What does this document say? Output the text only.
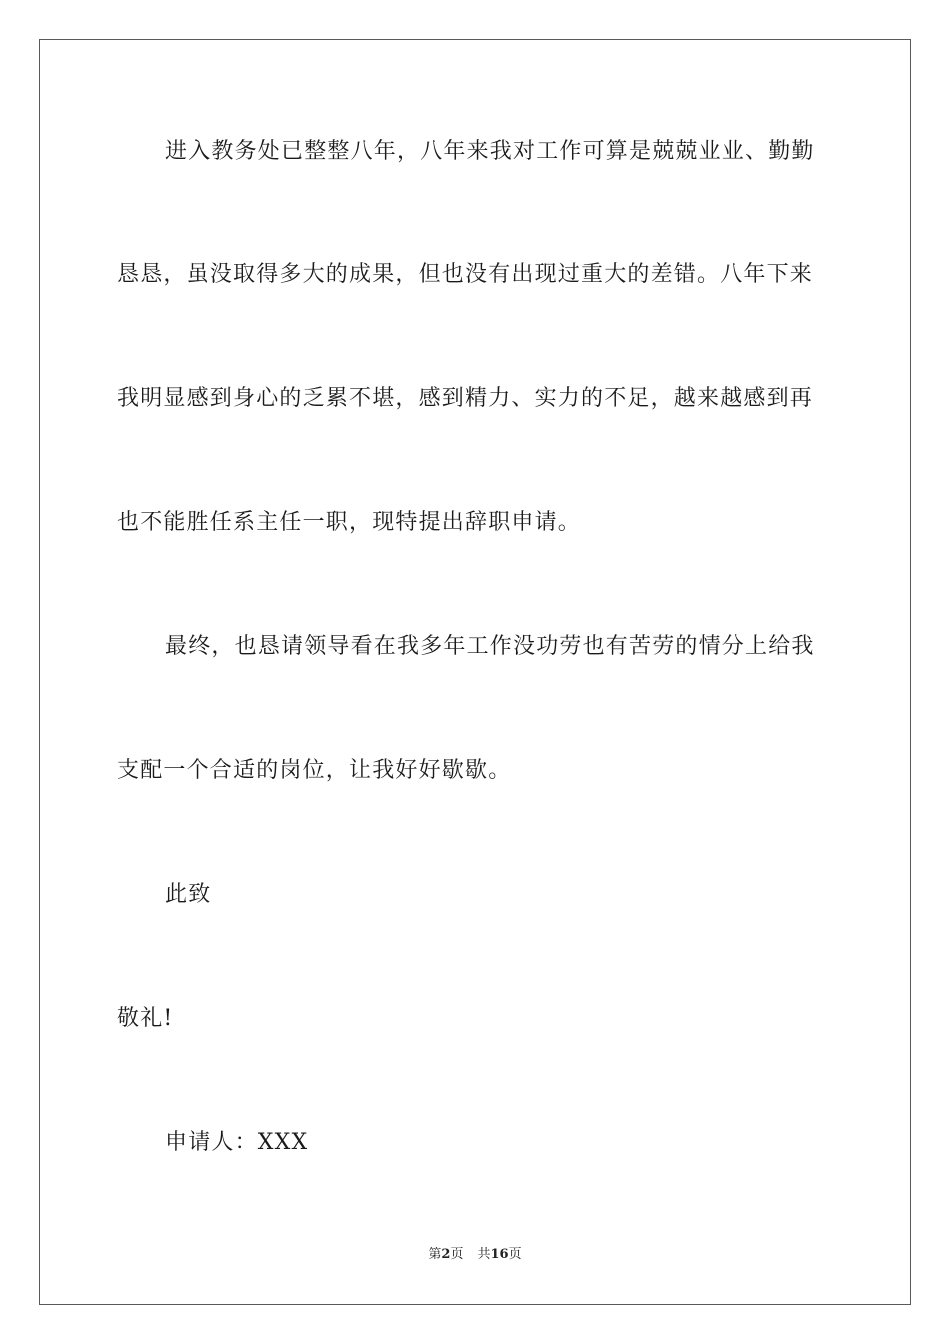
进入教务处已整整八年，八年来我对工作可算是兢兢业业、勤勤
恳恳，虽没取得多大的成果，但也没有出现过重大的差错。八年下来
我明显感到身心的乏累不堪，感到精力、实力的不足，越来越感到再
也不能胜任系主任一职，现特提出辞职申请。
最终，也恳请领导看在我多年工作没功劳也有苦劳的情分上给我
支配一个合适的岗位，让我好好歇歇。
此致
敬礼!
申请人：XXX
第2页 共16页
